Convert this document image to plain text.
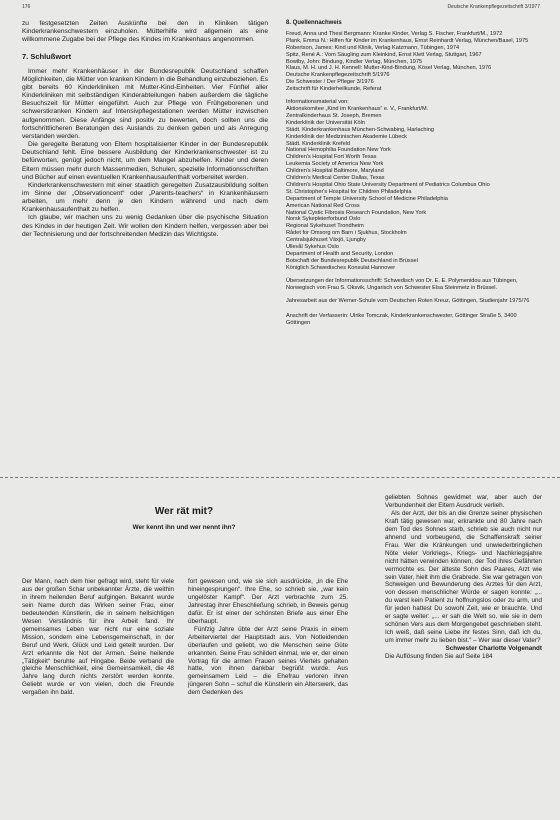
176	Deutsche Krankenpflegezeitschrift 3/1977

zu festgesetzten Zeiten Auskünfte bei den in Kliniken tätigen Kinderkrankenschwestern einzuholen. Mütterhilfe wird allgemein als eine willkommene Zugabe bei der Pflege des Kindes im Krankenhaus angenommen.

7. Schlußwort

Immer mehr Krankenhäuser in der Bundesrepublik Deutschland schaffen Möglichkeiten, die Mütter von kranken Kindern in die Behandlung einzubeziehen. Es gibt bereits 60 Kinderkliniken mit Mutter-Kind-Einheiten. Vier Fünftel aller Kinderkliniken mit selbständigen Kinderabteilungen haben außerdem die tägliche Besuchszeit für Mütter eingeführt. Auch zur Pflege von Frühgeborenen und schwerstkranken Kindern auf Intensivpflegestationen werden Mütter inzwischen aufgenommen. Diese Anfänge sind positiv zu bewerten, doch sollten uns die fortschrittlicheren Beratungen des Auslands zu denken geben und als Anregung verstanden werden.

Die geregelte Beratung von Eltern hospitalisierter Kinder in der Bundesrepublik Deutschland fehlt. Eine bessere Ausbildung der Kinderkrankenschwester ist zu befürworten, genügt jedoch nicht, um dem Mangel abzuhelfen. Kinder und deren Eltern müssen mehr durch Massenmedien, Schulen, spezielle Informationsschriften und Bücher auf einen eventuellen Krankenhausaufenthalt vorbereitet werden.

Kinderkrankenschwestern mit einer staatlich geregelten Zusatzausbildung sollten im Sinne der „Observationcent“ oder „Parents-teachers“ in Krankenhäusern arbeiten, um mehr denn je den Kindern während und nach dem Krankenhausaufenthalt zu helfen.

Ich glaube, wir machen uns zu wenig Gedanken über die psychische Situation des Kindes in der heutigen Zeit. Wir wollen den Kindern helfen, vergessen aber bei der Technisierung und der fortschreitenden Medizin das Wichtigste.

8. Quellennachweis

Freud, Anna und Thesi Bergmann: Kranke Kinder, Verlag S. Fischer, Frankfurt/M., 1972

Plank, Emma N.: Hilfen für Kinder im Krankenhaus, Ernst Reinhardt Verlag, München/Basel, 1975

Robertson, James: Kind und Klinik, Verlag Katzmann, Tübingen, 1974

Spitz, René A.: Vom Säugling zum Kleinkind, Ernst Klett Verlag, Stuttgart, 1967

Bowlby, John: Bindung, Kindler Verlag, München, 1975

Klaus, M. H. und J. H. Kennell: Mutter-Kind-Bindung, Kösel Verlag, München, 1976

Deutsche Krankenpflegezeitschrift 5/1976

Die Schwester / Der Pfleger 3/1976

Zeitschrift für Kinderheilkunde, Referat

Informationsmaterial von:

Aktionskomitee „Kind im Krankenhaus“ e. V., Frankfurt/M.

Zentralkinderhaus St. Joseph, Bremen

Kinderklinik der Universität Köln

Städt. Kinderkrankenhaus München-Schwabing, Harlaching

Kinderklinik der Medizinischen Akademie Lübeck

Städt. Kinderklinik Krefeld

National Hemophilia Foundation New York

Children's Hospital Fort Worth Texas

Leukemia Society of America New York

Children's Hospital Baltimore, Maryland

Children's Medical Center Dallas, Texas

Children's Hospital Ohio State University Department of Pediatrics Columbus Ohio

St. Christopher's Hospital for Children Philadelphia

Department of Temple University School of Medicine Philadelphia

American National Red Cross

National Cystic Fibrosis Research Foundation, New York

Norsk Sykepleierforbund Oslo

Regional Sykehuset Trondheim

Rådet for Omsorg om Barn i Sjukhus, Stockholm

Centralsjukhuset Växjö, Ljungby

Ullevål Sykehus Oslo

Department of Health and Security, London

Botschaft der Bundesrepublik Deutschland in Brüssel

Königlich Schwedisches Konsulat Hannover

Übersetzungen der Informationsschrift: Schwedisch von Dr. E. E. Polymenidou aus Tübingen, Norwegisch von Frau S. Oksvik, Ungarisch von Schwester Elsa Steinmetz in Brüssel.

Jahresarbeit aus der Werner-Schule vom Deutschen Roten Kreuz, Göttingen, Studienjahr 1975/76

Anschrift der Verfasserin: Ulrike Tomczak, Kinderkrankenschwester, Göttinger Straße 5, 3400 Göttingen

Wer rät mit?
Wer kennt ihn und wer nennt ihn?

Der Mann, nach dem hier gefragt wird, steht für viele aus der großen Schar unbekannter Ärzte, die weithin in ihrem heilenden Beruf aufgingen. Bekannt wurde sein Name durch das Wirken seiner Frau, einer bedeutenden Künstlerin, die in seinem hellsichtigen Wesen Verständnis für ihre Arbeit fand. Ihr gemeinsames Leben war nicht nur eine soziale Mission, sondern eine Lebensgemeinschaft, in der Beruf und Werk, Glück und Leid geteilt wurden. Der Arzt erkannte die Not der Armen. Seine heilende „Tätigkeit“ beruhte auf Hingabe. Beide verband die gleiche Menschlichkeit, eine Gemeinsamkeit, die 48 Jahre lang durch nichts zerstört werden konnte. Geliebt wurde er von vielen, doch die Freunde vergaßen ihn bald.

fort gewesen und, wie sie sich ausdrückte, „in die Ehe hineingesprungen“. Ihre Ehe, so schrieb sie, „war kein ungelöster Kampf“. Der Arzt verbrachte zum 25. Jahrestag ihrer Eheschließung schrieb, in Beweis genug dafür. Er ist einer der schönsten Briefe aus einer Ehe überhaupt.

Fünfzig Jahre übte der Arzt seine Praxis in einem Arbeiterviertel der Hauptstadt aus. Von Notleidenden überlaufen und geliebt, wo die Menschen seine Güte erkannten. Seine Frau schildert einmal, wie er, der einen Vortrag für die armen Frauen seines Viertels gehalten hatte, von ihnen dankbar begrüßt wurde. Aus gemeinsamem Leid – die Ehefrau verloren ihren jüngeren Sohn – schuf die Künstlerin ein Alterswerk, das dem Gedenken des

geliebten Sohnes gewidmet war, aber auch der Verbundenheit der Eltern Ausdruck verlieh.

Als der Arzt, der bis an die Grenze seiner physischen Kraft tätig gewesen war, erkrankte und 80 Jahre nach dem Tod des Sohnes starb, schrieb sie auch nicht nur ahnend und vorbeugend, die Schaffenskraft seiner Frau. Wer die Kränkungen und unwiederbringlichen Nöte vieler Vorkriegs-, Kriegs- und Nachkriegsjahre nicht hätten verwinden können, der Tod ihres Gefährten vermochte es. Der älteste Sohn des Paares, Arzt wie sein Vater, hielt ihm die Grabrede. Sie war getragen von Schweigen und Bewunderung des Arztes für den Arzt, von dessen menschlicher Würde er sagen konnte: „... du warst kein Patient zu hoffnungslos oder zu arm, und für jeden hattest Du sowohl Zeit, wie er brauchte. Und er sagte weiter: „... er sah die Welt so, wie sie in dem schönen Vers aus dem Morgengebet geschrieben steht. Ich weiß, daß seine Liebe ihr festes Sinn, daß ich du, um immer mehr zu lieben bist.“ – Wer war dieser Vater?

Schwester Charlotte Volgenandt

Die Auflösung finden Sie auf Seite 184
